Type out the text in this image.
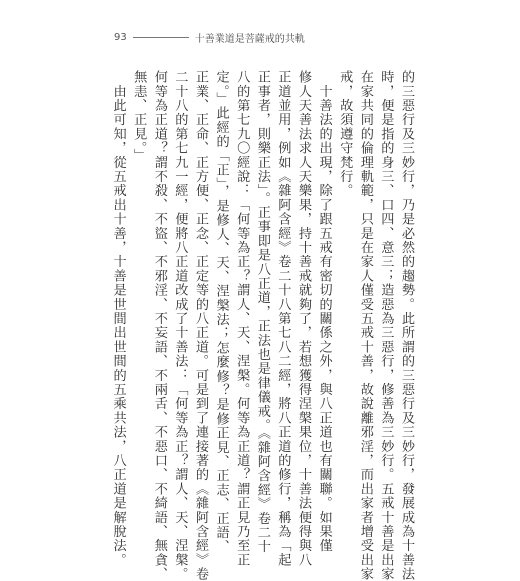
93	十善業道是菩薩戒的共軌
的三惡行及三妙行，乃是必然的趨勢。此所謂的三惡行及三妙行，發展成為十善法
時，便是指的身三、口四、意三；造惡為三惡行，修善為三妙行。五戒十善是出家
在家共同的倫理軌範，只是在家人僅受五戒十善，故說離邪淫，而出家者增受出家
戒，故須遵守梵行。
　十善法的出現，除了跟五戒有密切的關係之外，與八正道也有關聯。如果僅
修人天善法求人天樂果，持十善戒就夠了，若想獲得涅槃果位，十善法便得與八
正道並用，例如《雜阿含經》卷二十八第七八二經，將八正道的修行，稱為「起
正事者，則樂正法」。正事即是八正道，正法也是律儀戒。《雜阿含經》卷二十
八的第七九〇經說：「何等為正？謂人、天、涅槃。何等為正道？謂正見乃至正
定。」此經的「正」，是修人、天、涅槃法；怎麼修？是修正見、正志、正語、
正業、正命、正方便、正念、正定等的八正道。可是到了連接著的《雜阿含經》卷
二十八的第七九一經，便將八正道改成了十善法：「何等為正？謂人、天、涅槃。
何等為正道？謂不殺、不盜、不邪淫、不妄語、不兩舌、不惡口、不綺語、無貪、
無恚、正見。」
　由此可知，從五戒出十善，十善是世間出世間的五乘共法，八正道是解脫法。
